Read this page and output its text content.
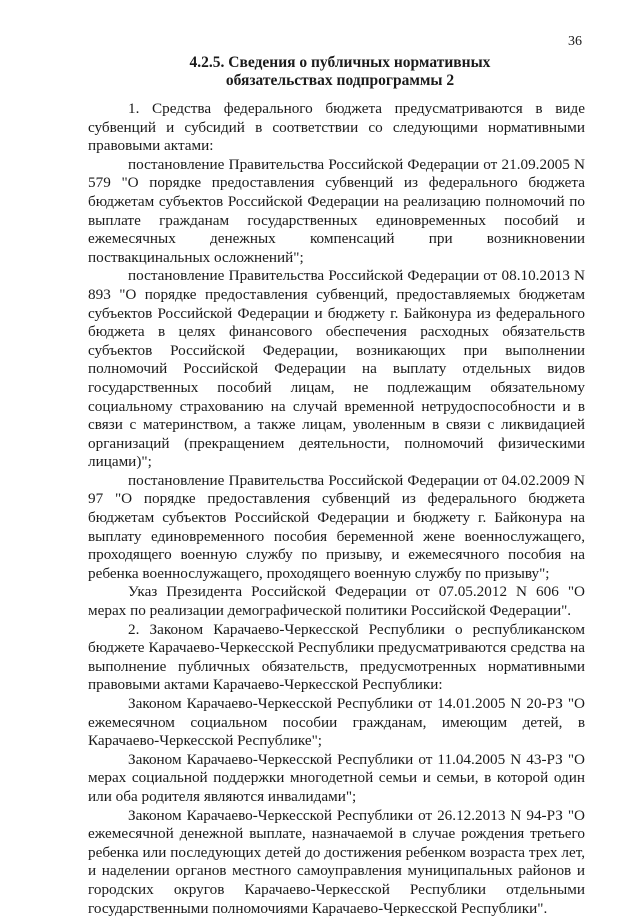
36
4.2.5. Сведения о публичных нормативных
обязательствах подпрограммы 2

1. Средства федерального бюджета предусматриваются в виде субвенций и субсидий в соответствии со следующими нормативными правовыми актами:

постановление Правительства Российской Федерации от 21.09.2005 N 579 "О порядке предоставления субвенций из федерального бюджета бюджетам субъектов Российской Федерации на реализацию полномочий по выплате гражданам государственных единовременных пособий и ежемесячных денежных компенсаций при возникновении поствакцинальных осложнений";

постановление Правительства Российской Федерации от 08.10.2013 N 893 "О порядке предоставления субвенций, предоставляемых бюджетам субъектов Российской Федерации и бюджету г. Байконура из федерального бюджета в целях финансового обеспечения расходных обязательств субъектов Российской Федерации, возникающих при выполнении полномочий Российской Федерации на выплату отдельных видов государственных пособий лицам, не подлежащим обязательному социальному страхованию на случай временной нетрудоспособности и в связи с материнством, а также лицам, уволенным в связи с ликвидацией организаций (прекращением деятельности, полномочий физическими лицами)";

постановление Правительства Российской Федерации от 04.02.2009 N 97 "О порядке предоставления субвенций из федерального бюджета бюджетам субъектов Российской Федерации и бюджету г. Байконура на выплату единовременного пособия беременной жене военнослужащего, проходящего военную службу по призыву, и ежемесячного пособия на ребенка военнослужащего, проходящего военную службу по призыву";

Указ Президента Российской Федерации от 07.05.2012 N 606 "О мерах по реализации демографической политики Российской Федерации".

2. Законом Карачаево-Черкесской Республики о республиканском бюджете Карачаево-Черкесской Республики предусматриваются средства на выполнение публичных обязательств, предусмотренных нормативными правовыми актами Карачаево-Черкесской Республики:

Законом Карачаево-Черкесской Республики от 14.01.2005 N 20-РЗ "О ежемесячном социальном пособии гражданам, имеющим детей, в Карачаево-Черкесской Республике";

Законом Карачаево-Черкесской Республики от 11.04.2005 N 43-РЗ "О мерах социальной поддержки многодетной семьи и семьи, в которой один или оба родителя являются инвалидами";

Законом Карачаево-Черкесской Республики от 26.12.2013 N 94-РЗ "О ежемесячной денежной выплате, назначаемой в случае рождения третьего ребенка или последующих детей до достижения ребенком возраста трех лет, и наделении органов местного самоуправления муниципальных районов и городских округов Карачаево-Черкесской Республики отдельными государственными полномочиями Карачаево-Черкесской Республики".
